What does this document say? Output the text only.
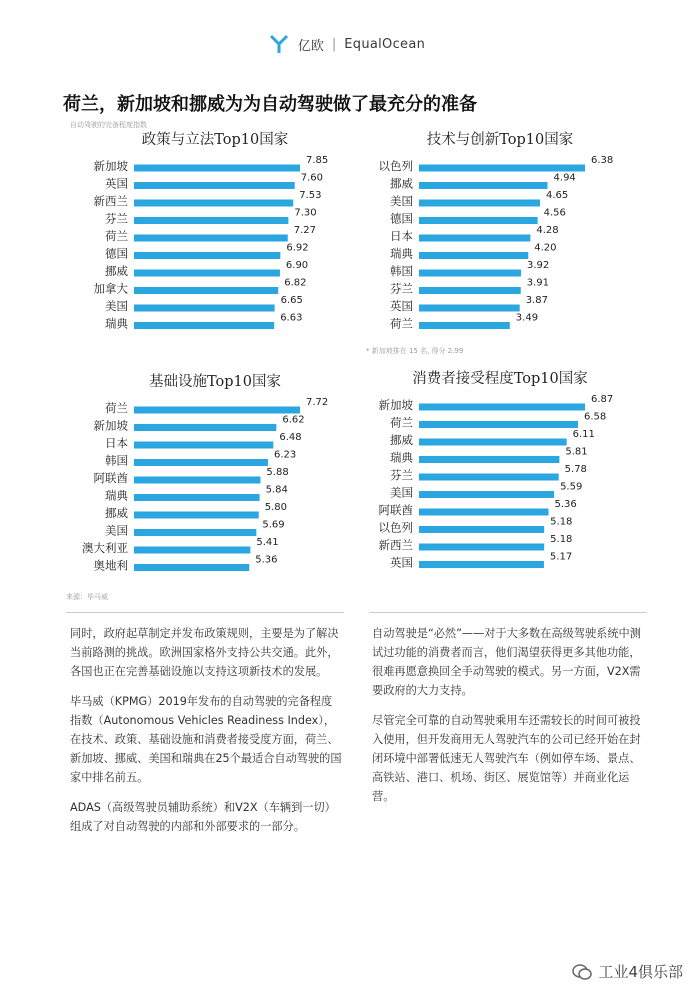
亿欧 | EqualOcean
荷兰，新加坡和挪威为为自动驾驶做了最充分的准备
自动驾驶的完备程度指数
政策与立法Top10国家
新加坡	7.85
英国	7.60
新西兰	7.53
芬兰	7.30
荷兰	7.27
德国	6.92
挪威	6.90
加拿大	6.82
美国	6.65
瑞典	6.63
技术与创新Top10国家
以色列	6.38
挪威	4.94
美国	4.65
德国	4.56
日本	4.28
瑞典	4.20
韩国	3.92
芬兰	3.91
英国	3.87
荷兰	3.49
* 新加坡排在 15 名, 得分 2.99
基础设施Top10国家
荷兰	7.72
新加坡	6.62
日本	6.48
韩国	6.23
阿联酋	5.88
瑞典	5.84
挪威	5.80
美国	5.69
澳大利亚	5.41
奥地利	5.36
消费者接受程度Top10国家
新加坡	6.87
荷兰	6.58
挪威	6.11
瑞典	5.81
芬兰	5.78
美国	5.59
阿联酋	5.36
以色列	5.18
新西兰	5.18
英国	5.17
来源：毕马威

同时，政府起草制定并发布政策规则，主要是为了解决当前路测的挑战。欧洲国家格外支持公共交通。此外，各国也正在完善基础设施以支持这项新技术的发展。

毕马威（KPMG）2019年发布的自动驾驶的完备程度指数（Autonomous Vehicles Readiness Index），在技术、政策、基础设施和消费者接受度方面，荷兰、新加坡、挪威、美国和瑞典在25个最适合自动驾驶的国家中排名前五。

ADAS（高级驾驶员辅助系统）和V2X（车辆到一切）组成了对自动驾驶的内部和外部要求的一部分。

自动驾驶是“必然”——对于大多数在高级驾驶系统中测试过功能的消费者而言，他们渴望获得更多其他功能，很难再愿意换回全手动驾驶的模式。另一方面，V2X需要政府的大力支持。

尽管完全可靠的自动驾驶乘用车还需较长的时间可被投入使用，但开发商用无人驾驶汽车的公司已经开始在封闭环境中部署低速无人驾驶汽车（例如停车场、景点、高铁站、港口、机场、街区、展览馆等）并商业化运营。

工业4俱乐部
